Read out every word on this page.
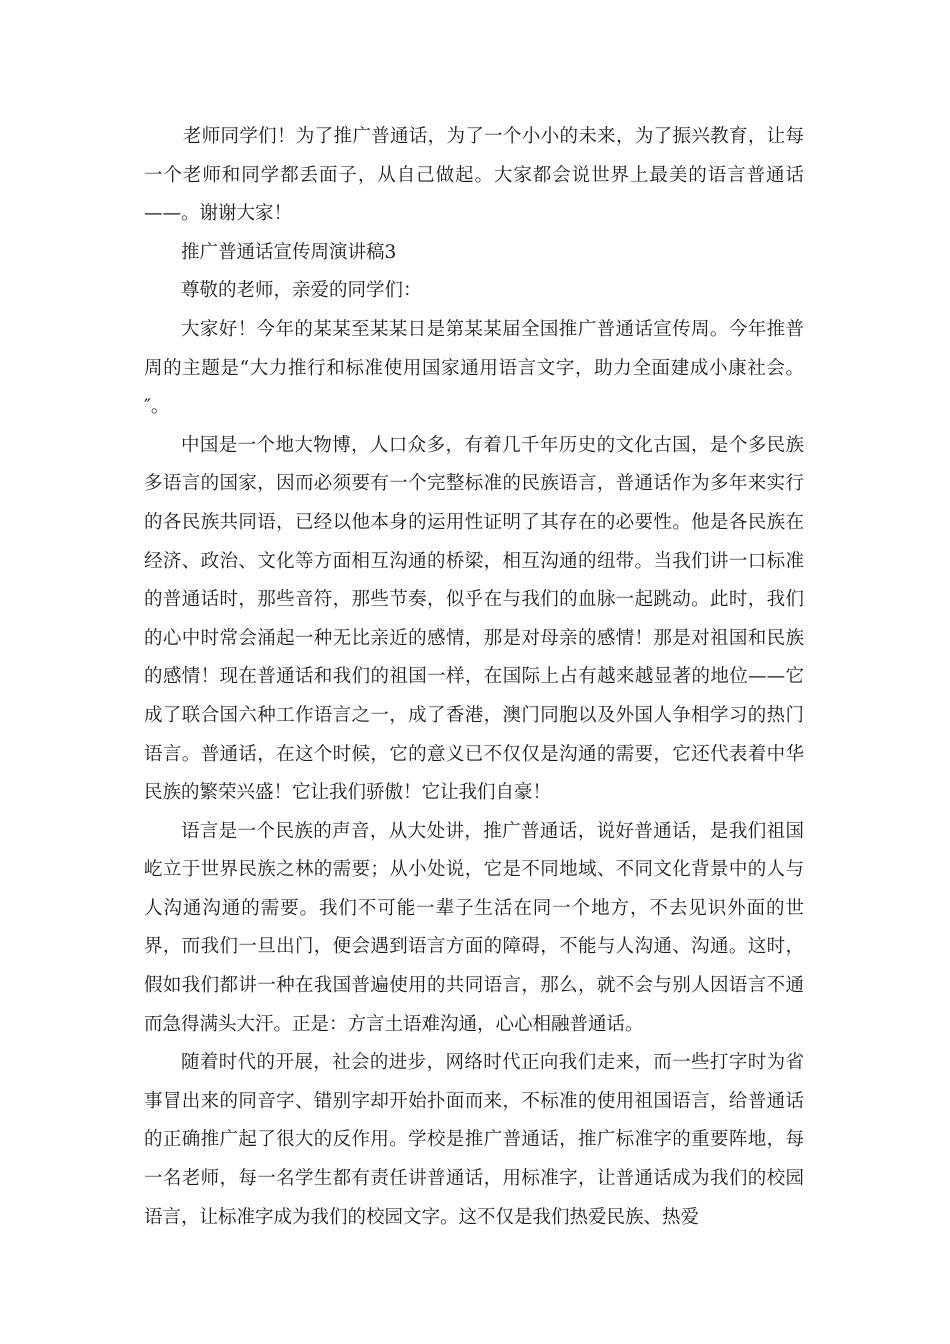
老师同学们！为了推广普通话，为了一个小小的未来，为了振兴教育，让每一个老师和同学都丢面子，从自己做起。大家都会说世界上最美的语言普通话——。谢谢大家！

推广普通话宣传周演讲稿3

尊敬的老师，亲爱的同学们：

大家好！今年的某某至某某日是第某某届全国推广普通话宣传周。今年推普周的主题是“大力推行和标准使用国家通用语言文字，助力全面建成小康社会。″。

中国是一个地大物博，人口众多，有着几千年历史的文化古国，是个多民族多语言的国家，因而必须要有一个完整标准的民族语言，普通话作为多年来实行的各民族共同语，已经以他本身的运用性证明了其存在的必要性。他是各民族在经济、政治、文化等方面相互沟通的桥梁，相互沟通的纽带。当我们讲一口标准的普通话时，那些音符，那些节奏，似乎在与我们的血脉一起跳动。此时，我们的心中时常会涌起一种无比亲近的感情，那是对母亲的感情！那是对祖国和民族的感情！现在普通话和我们的祖国一样，在国际上占有越来越显著的地位——它成了联合国六种工作语言之一，成了香港，澳门同胞以及外国人争相学习的热门语言。普通话，在这个时候，它的意义已不仅仅是沟通的需要，它还代表着中华民族的繁荣兴盛！它让我们骄傲！它让我们自豪！

语言是一个民族的声音，从大处讲，推广普通话，说好普通话，是我们祖国屹立于世界民族之林的需要；从小处说，它是不同地域、不同文化背景中的人与人沟通沟通的需要。我们不可能一辈子生活在同一个地方，不去见识外面的世界，而我们一旦出门，便会遇到语言方面的障碍，不能与人沟通、沟通。这时，假如我们都讲一种在我国普遍使用的共同语言，那么，就不会与别人因语言不通而急得满头大汗。正是：方言土语难沟通，心心相融普通话。

随着时代的开展，社会的进步，网络时代正向我们走来，而一些打字时为省事冒出来的同音字、错别字却开始扑面而来，不标准的使用祖国语言，给普通话的正确推广起了很大的反作用。学校是推广普通话，推广标准字的重要阵地，每一名老师，每一名学生都有责任讲普通话，用标准字，让普通话成为我们的校园语言，让标准字成为我们的校园文字。这不仅是我们热爱民族、热爱
